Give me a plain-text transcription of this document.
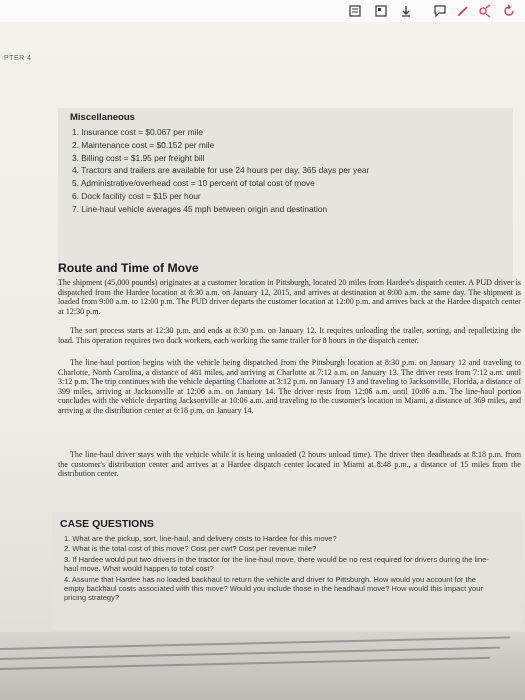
PTER 4
Miscellaneous
1. Insurance cost = $0.067 per mile
2. Maintenance cost = $0.152 per mile
3. Billing cost = $1.95 per freight bill
4. Tractors and trailers are available for use 24 hours per day, 365 days per year
5. Administrative/overhead cost = 10 percent of total cost of move
6. Dock facility cost = $15 per hour
7. Line-haul vehicle averages 45 mph between origin and destination
Route and Time of Move

The shipment (45,000 pounds) originates at a customer location in Pittsburgh, located 20 miles from Hardee's dispatch center. A PUD driver is dispatched from the Hardee location at 8:30 a.m. on January 12, 2015, and arrives at destination at 9:00 a.m. the same day. The shipment is loaded from 9:00 a.m. to 12:00 p.m. The PUD driver departs the customer location at 12:00 p.m. and arrives back at the Hardee dispatch center at 12:30 p.m.

The sort process starts at 12:30 p.m. and ends at 8:30 p.m. on January 12. It requires unloading the trailer, sorting, and repalletizing the load. This operation requires two dock workers, each working the same trailer for 8 hours in the dispatch center.

The line-haul portion begins with the vehicle being dispatched from the Pittsburgh location at 8:30 p.m. on January 12 and traveling to Charlotte, North Carolina, a distance of 481 miles, and arriving at Charlotte at 7:12 a.m. on January 13. The driver rests from 7:12 a.m. until 3:12 p.m. The trip continues with the vehicle departing Charlotte at 3:12 p.m. on January 13 and traveling to Jacksonville, Florida, a distance of 399 miles, arriving at Jacksonville at 12:06 a.m. on January 14. The driver rests from 12:06 a.m. until 10:06 a.m. The line-haul portion concludes with the vehicle departing Jacksonville at 10:06 a.m. and traveling to the customer's location in Miami, a distance of 369 miles, and arriving at the distribution center at 6:18 p.m. on January 14.

The line-haul driver stays with the vehicle while it is being unloaded (2 hours unload time). The driver then deadheads at 8:18 p.m. from the customer's distribution center and arrives at a Hardee dispatch center located in Miami at 8:48 p.m., a distance of 15 miles from the distribution center.

CASE QUESTIONS
1. What are the pickup, sort, line-haul, and delivery costs to Hardee for this move?
2. What is the total cost of this move? Cost per cwt? Cost per revenue mile?
3. If Hardee would put two drivers in the tractor for the line-haul move, there would be no rest required for drivers during the line-haul move. What would happen to total cost?
4. Assume that Hardee has no loaded backhaul to return the vehicle and driver to Pittsburgh. How would you account for the empty backhaul costs associated with this move? Would you include those in the headhaul move? How would this impact your pricing strategy?
